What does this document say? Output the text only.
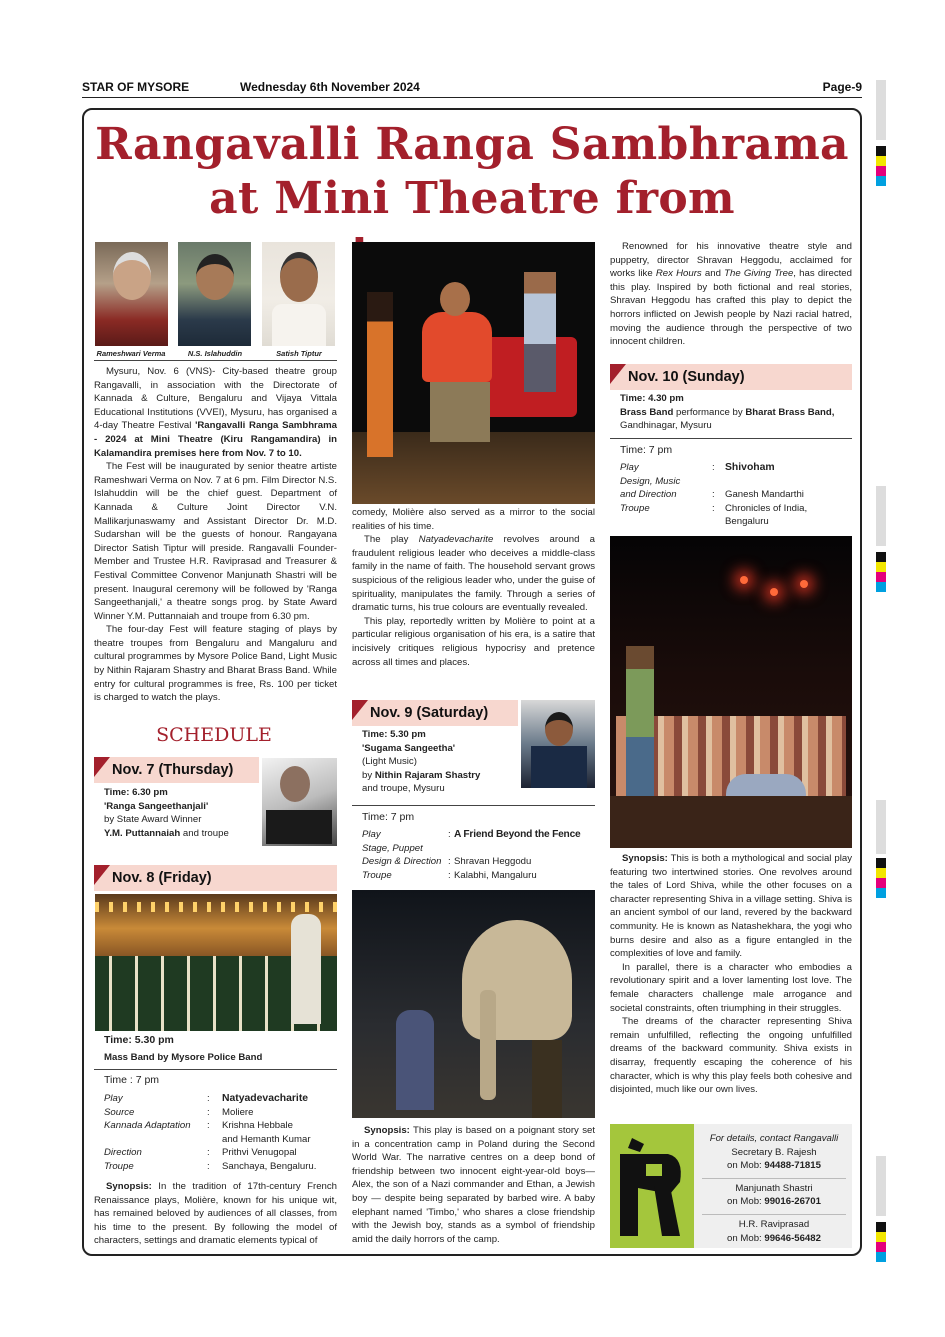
STAR OF MYSORE	Wednesday 6th November 2024	Page-9
Rangavalli Ranga Sambhrama
at Mini Theatre from
Rameshwari Verma	N.S. Islahuddin	Satish Tiptur

Mysuru, Nov. 6 (VNS)- City-based theatre group Rangavalli, in association with the Directorate of Kannada & Culture, Bengaluru and Vijaya Vittala Educational Institutions (VVEI), Mysuru, has organised a 4-day Theatre Festival 'Rangavalli Ranga Sambhrama - 2024 at Mini Theatre (Kiru Rangamandira) in Kalamandira premises here from Nov. 7 to 10.

The Fest will be inaugurated by senior theatre artiste Rameshwari Verma on Nov. 7 at 6 pm. Film Director N.S. Islahuddin will be the chief guest. Department of Kannada & Culture Joint Director V.N. Mallikarjunaswamy and Assistant Director Dr. M.D. Sudarshan will be the guests of honour. Rangayana Director Satish Tiptur will preside. Rangavalli Founder-Member and Trustee H.R. Raviprasad and Treasurer & Festival Committee Convenor Manjunath Shastri will be present. Inaugural ceremony will be followed by 'Ranga Sangeethanjali,' a theatre songs prog. by State Award Winner Y.M. Puttannaiah and troupe from 6.30 pm.

The four-day Fest will feature staging of plays by theatre troupes from Bengaluru and Mangaluru and cultural programmes by Mysore Police Band, Light Music by Nithin Rajaram Shastry and Bharat Brass Band. While entry for cultural programmes is free, Rs. 100 per ticket is charged to watch the plays.

SCHEDULE
Nov. 7 (Thursday)
Time: 6.30 pm
'Ranga Sangeethanjali'
by State Award Winner
Y.M. Puttannaiah and troupe
Nov. 8 (Friday)
Time: 5.30 pm
Mass Band by Mysore Police Band
Time : 7 pm
Play	:	Natyadevacharite
Source	:	Moliere
Kannada Adaptation	:	Krishna Hebbale
and Hemanth Kumar
Direction	:	Prithvi Venugopal
Troupe	:	Sanchaya, Bengaluru.

Synopsis: In the tradition of 17th-century French Renaissance plays, Molière, known for his unique wit, has remained beloved by audiences of all classes, from his time to the present. By following the model of characters, settings and dramatic elements typical of

comedy, Molière also served as a mirror to the social realities of his time.

The play Natyadevacharite revolves around a fraudulent religious leader who deceives a middle-class family in the name of faith. The household servant grows suspicious of the religious leader who, under the guise of spirituality, manipulates the family. Through a series of dramatic turns, his true colours are eventually revealed.

This play, reportedly written by Molière to point at a particular religious organisation of his era, is a satire that incisively critiques religious hypocrisy and pretence across all times and places.

Nov. 9 (Saturday)
Time: 5.30 pm
'Sugama Sangeetha'
(Light Music)
by Nithin Rajaram Shastry
and troupe, Mysuru
Time: 7 pm
Play	: A Friend Beyond the Fence
Stage, Puppet
Design & Direction : Shravan Heggodu
Troupe	: Kalabhi, Mangaluru

Synopsis: This play is based on a poignant story set in a concentration camp in Poland during the Second World War. The narrative centres on a deep bond of friendship between two innocent eight-year-old boys—Alex, the son of a Nazi commander and Ethan, a Jewish boy — despite being separated by barbed wire. A baby elephant named 'Timbo,' who shares a close friendship with the Jewish boy, stands as a symbol of friendship amid the daily horrors of the camp.

Renowned for his innovative theatre style and puppetry, director Shravan Heggodu, acclaimed for works like Rex Hours and The Giving Tree, has directed this play. Inspired by both fictional and real stories, Shravan Heggodu has crafted this play to depict the horrors inflicted on Jewish people by Nazi racial hatred, moving the audience through the perspective of two innocent children.

Nov. 10 (Sunday)
Time: 4.30 pm
Brass Band performance by Bharat Brass Band,
Gandhinagar, Mysuru
Time: 7 pm
Play	: Shivoham
Design, Music
and Direction	:	Ganesh Mandarthi
Troupe	:	Chronicles of India,
Bengaluru

Synopsis: This is both a mythological and social play featuring two intertwined stories. One revolves around the tales of Lord Shiva, while the other focuses on a character representing Shiva in a village setting. Shiva is an ancient symbol of our land, revered by the backward community. He is known as Natashekhara, the yogi who burns desire and also as a figure entangled in the complexities of love and family.

In parallel, there is a character who embodies a revolutionary spirit and a lover lamenting lost love. The female characters challenge male arrogance and societal constraints, often triumphing in their struggles.

The dreams of the character representing Shiva remain unfulfilled, reflecting the ongoing unfulfilled dreams of the backward community. Shiva exists in disarray, frequently escaping the coherence of his character, which is why this play feels both cohesive and disjointed, much like our own lives.

For details, contact Rangavalli
Secretary B. Rajesh
on Mob: 94488-71815
Manjunath Shastri
on Mob: 99016-26701
H.R. Raviprasad
on Mob: 99646-56482
